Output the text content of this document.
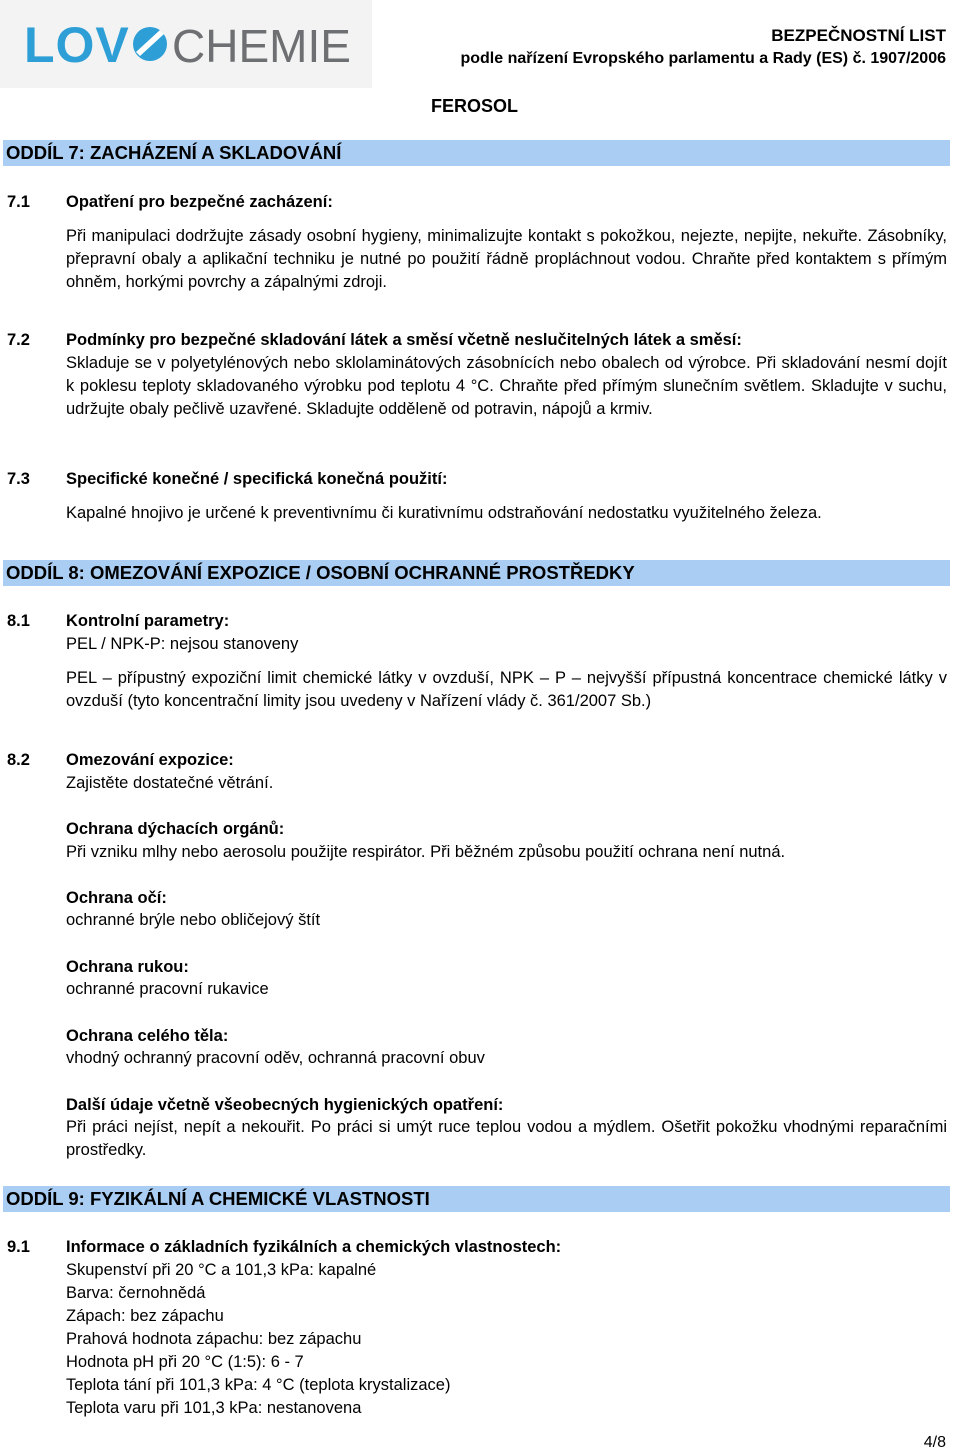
LOV CHEMIE	BEZPEČNOSTNÍ LIST
podle nařízení Evropského parlamentu a Rady (ES) č. 1907/2006
FEROSOL
ODDÍL 7: ZACHÁZENÍ A SKLADOVÁNÍ
7.1 Opatření pro bezpečné zacházení:
Při manipulaci dodržujte zásady osobní hygieny, minimalizujte kontakt s pokožkou, nejezte, nepijte, nekuřte. Zásobníky, přepravní obaly a aplikační techniku je nutné po použití řádně propláchnout vodou. Chraňte před kontaktem s přímým ohněm, horkými povrchy a zápalnými zdroji.
7.2 Podmínky pro bezpečné skladování látek a směsí včetně neslučitelných látek a směsí:
Skladuje se v polyetylénových nebo sklolaminátových zásobnících nebo obalech od výrobce. Při skladování nesmí dojít k poklesu teploty skladovaného výrobku pod teplotu 4 °C. Chraňte před přímým slunečním světlem. Skladujte v suchu, udržujte obaly pečlivě uzavřené. Skladujte odděleně od potravin, nápojů a krmiv.
7.3 Specifické konečné / specifická konečná použití:
Kapalné hnojivo je určené k preventivnímu či kurativnímu odstraňování nedostatku využitelného železa.
ODDÍL 8: OMEZOVÁNÍ EXPOZICE / OSOBNÍ OCHRANNÉ PROSTŘEDKY
8.1 Kontrolní parametry:
PEL / NPK-P: nejsou stanoveny
PEL – přípustný expoziční limit chemické látky v ovzduší, NPK – P – nejvyšší přípustná koncentrace chemické látky v ovzduší (tyto koncentrační limity jsou uvedeny v Nařízení vlády č. 361/2007 Sb.)
8.2 Omezování expozice:
Zajistěte dostatečné větrání.
Ochrana dýchacích orgánů:
Při vzniku mlhy nebo aerosolu použijte respirátor. Při běžném způsobu použití ochrana není nutná.
Ochrana očí:
ochranné brýle nebo obličejový štít
Ochrana rukou:
ochranné pracovní rukavice
Ochrana celého těla:
vhodný ochranný pracovní oděv, ochranná pracovní obuv
Další údaje včetně všeobecných hygienických opatření:
Při práci nejíst, nepít a nekouřit. Po práci si umýt ruce teplou vodou a mýdlem. Ošetřit pokožku vhodnými reparačními prostředky.
ODDÍL 9: FYZIKÁLNÍ A CHEMICKÉ VLASTNOSTI
9.1 Informace o základních fyzikálních a chemických vlastnostech:
Skupenství při 20 °C a 101,3 kPa: kapalné
Barva: černohnědá
Zápach: bez zápachu
Prahová hodnota zápachu: bez zápachu
Hodnota pH při 20 °C (1:5): 6 - 7
Teplota tání při 101,3 kPa: 4 °C (teplota krystalizace)
Teplota varu při 101,3 kPa: nestanovena
4/8
